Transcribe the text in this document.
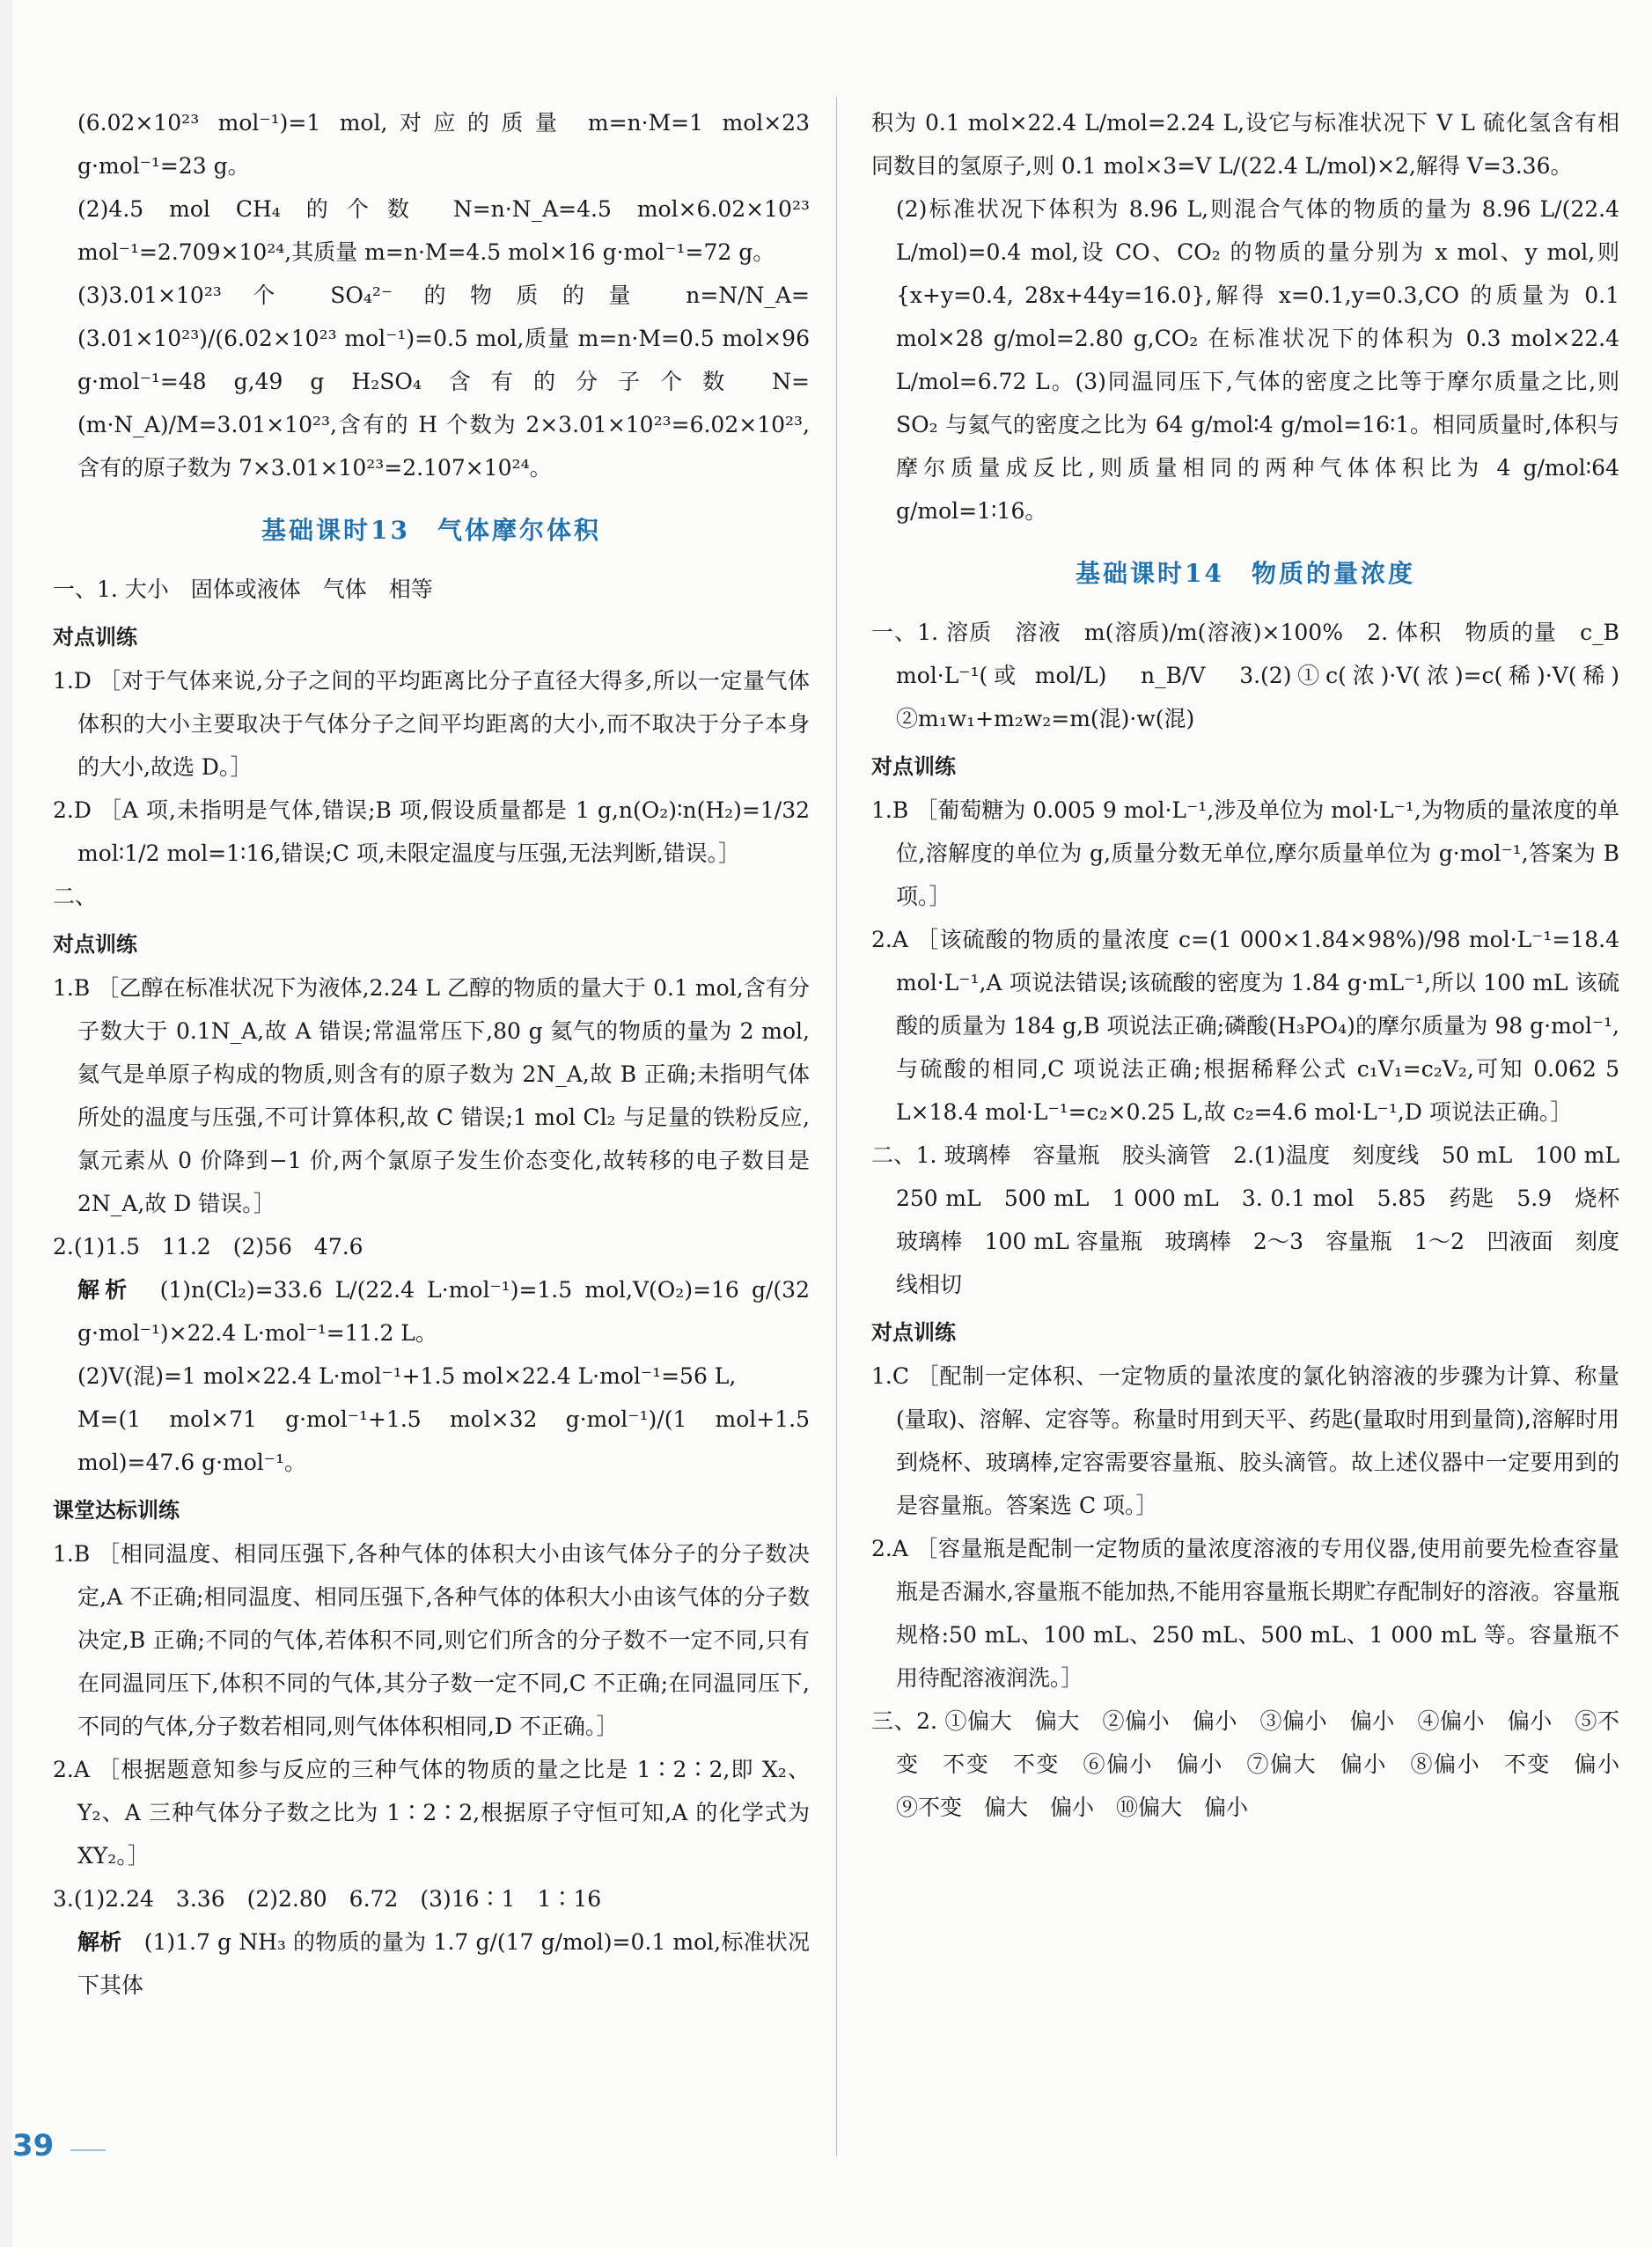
(6.02×10²³ mol⁻¹)=1 mol,对应的质量 m=n·M=1 mol×23 g·mol⁻¹=23 g。

(2)4.5 mol CH₄ 的个数 N=n·N_A=4.5 mol×6.02×10²³ mol⁻¹=2.709×10²⁴,其质量 m=n·M=4.5 mol×16 g·mol⁻¹=72 g。

(3)3.01×10²³ 个 SO₄²⁻ 的物质的量 n=N/N_A=(3.01×10²³)/(6.02×10²³ mol⁻¹)=0.5 mol,质量 m=n·M=0.5 mol×96 g·mol⁻¹=48 g,49 g H₂SO₄ 含有的分子个数 N=(m·N_A)/M=3.01×10²³,含有的 H 个数为 2×3.01×10²³=6.02×10²³,含有的原子数为 7×3.01×10²³=2.107×10²⁴。

基础课时13　气体摩尔体积

一、1. 大小　固体或液体　气体　相等

对点训练

1.D ［对于气体来说,分子之间的平均距离比分子直径大得多,所以一定量气体体积的大小主要取决于气体分子之间平均距离的大小,而不取决于分子本身的大小,故选 D。］

2.D ［A 项,未指明是气体,错误;B 项,假设质量都是 1 g,n(O₂)∶n(H₂)=1/32 mol∶1/2 mol=1∶16,错误;C 项,未限定温度与压强,无法判断,错误。］

二、

对点训练

1.B ［乙醇在标准状况下为液体,2.24 L 乙醇的物质的量大于 0.1 mol,含有分子数大于 0.1N_A,故 A 错误;常温常压下,80 g 氦气的物质的量为 2 mol,氦气是单原子构成的物质,则含有的原子数为 2N_A,故 B 正确;未指明气体所处的温度与压强,不可计算体积,故 C 错误;1 mol Cl₂ 与足量的铁粉反应,氯元素从 0 价降到−1 价,两个氯原子发生价态变化,故转移的电子数目是 2N_A,故 D 错误。］

2.(1)1.5　11.2　(2)56　47.6

解析　 (1)n(Cl₂)=33.6 L/(22.4 L·mol⁻¹)=1.5 mol,V(O₂)=16 g/(32 g·mol⁻¹)×22.4 L·mol⁻¹=11.2 L。

(2)V(混)=1 mol×22.4 L·mol⁻¹+1.5 mol×22.4 L·mol⁻¹=56 L,

M=(1 mol×71 g·mol⁻¹+1.5 mol×32 g·mol⁻¹)/(1 mol+1.5 mol)=47.6 g·mol⁻¹。

课堂达标训练

1.B ［相同温度、相同压强下,各种气体的体积大小由该气体分子的分子数决定,A 不正确;相同温度、相同压强下,各种气体的体积大小由该气体的分子数决定,B 正确;不同的气体,若体积不同,则它们所含的分子数不一定不同,只有在同温同压下,体积不同的气体,其分子数一定不同,C 不正确;在同温同压下,不同的气体,分子数若相同,则气体体积相同,D 不正确。］

2.A ［根据题意知参与反应的三种气体的物质的量之比是 1∶2∶2,即 X₂、Y₂、A 三种气体分子数之比为 1∶2∶2,根据原子守恒可知,A 的化学式为 XY₂。］

3.(1)2.24　3.36　(2)2.80　6.72　(3)16∶1　1∶16

解析　 (1)1.7 g NH₃ 的物质的量为 1.7 g/(17 g/mol)=0.1 mol,标准状况下其体

积为 0.1 mol×22.4 L/mol=2.24 L,设它与标准状况下 V L 硫化氢含有相同数目的氢原子,则 0.1 mol×3=V L/(22.4 L/mol)×2,解得 V=3.36。

(2)标准状况下体积为 8.96 L,则混合气体的物质的量为 8.96 L/(22.4 L/mol)=0.4 mol,设 CO、CO₂ 的物质的量分别为 x mol、y mol,则 {x+y=0.4, 28x+44y=16.0},解得 x=0.1,y=0.3,CO 的质量为 0.1 mol×28 g/mol=2.80 g,CO₂ 在标准状况下的体积为 0.3 mol×22.4 L/mol=6.72 L。(3)同温同压下,气体的密度之比等于摩尔质量之比,则 SO₂ 与氦气的密度之比为 64 g/mol∶4 g/mol=16∶1。相同质量时,体积与摩尔质量成反比,则质量相同的两种气体体积比为 4 g/mol∶64 g/mol=1∶16。

基础课时14　物质的量浓度

一、1. 溶质　溶液　m(溶质)/m(溶液)×100%　2. 体积　物质的量　c_B　mol·L⁻¹(或 mol/L)　n_B/V　3.(2)①c(浓)·V(浓)=c(稀)·V(稀)　②m₁w₁+m₂w₂=m(混)·w(混)

对点训练

1.B ［葡萄糖为 0.005 9 mol·L⁻¹,涉及单位为 mol·L⁻¹,为物质的量浓度的单位,溶解度的单位为 g,质量分数无单位,摩尔质量单位为 g·mol⁻¹,答案为 B 项。］

2.A ［该硫酸的物质的量浓度 c=(1 000×1.84×98%)/98 mol·L⁻¹=18.4 mol·L⁻¹,A 项说法错误;该硫酸的密度为 1.84 g·mL⁻¹,所以 100 mL 该硫酸的质量为 184 g,B 项说法正确;磷酸(H₃PO₄)的摩尔质量为 98 g·mol⁻¹,与硫酸的相同,C 项说法正确;根据稀释公式 c₁V₁=c₂V₂,可知 0.062 5 L×18.4 mol·L⁻¹=c₂×0.25 L,故 c₂=4.6 mol·L⁻¹,D 项说法正确。］

二、1. 玻璃棒　容量瓶　胶头滴管　2.(1)温度　刻度线　50 mL　100 mL　250 mL　500 mL　1 000 mL　3. 0.1 mol　5.85　药匙　5.9　烧杯　玻璃棒　100 mL 容量瓶　玻璃棒　2～3　容量瓶　1～2　凹液面　刻度线相切

对点训练

1.C ［配制一定体积、一定物质的量浓度的氯化钠溶液的步骤为计算、称量(量取)、溶解、定容等。称量时用到天平、药匙(量取时用到量筒),溶解时用到烧杯、玻璃棒,定容需要容量瓶、胶头滴管。故上述仪器中一定要用到的是容量瓶。答案选 C 项。］

2.A ［容量瓶是配制一定物质的量浓度溶液的专用仪器,使用前要先检查容量瓶是否漏水,容量瓶不能加热,不能用容量瓶长期贮存配制好的溶液。容量瓶规格:50 mL、100 mL、250 mL、500 mL、1 000 mL 等。容量瓶不用待配溶液润洗。］

三、2. ①偏大　偏大　②偏小　偏小　③偏小　偏小　④偏小　偏小　⑤不变　不变　不变　⑥偏小　偏小　⑦偏大　偏小　⑧偏小　不变　偏小　⑨不变　偏大　偏小　⑩偏大　偏小

39
